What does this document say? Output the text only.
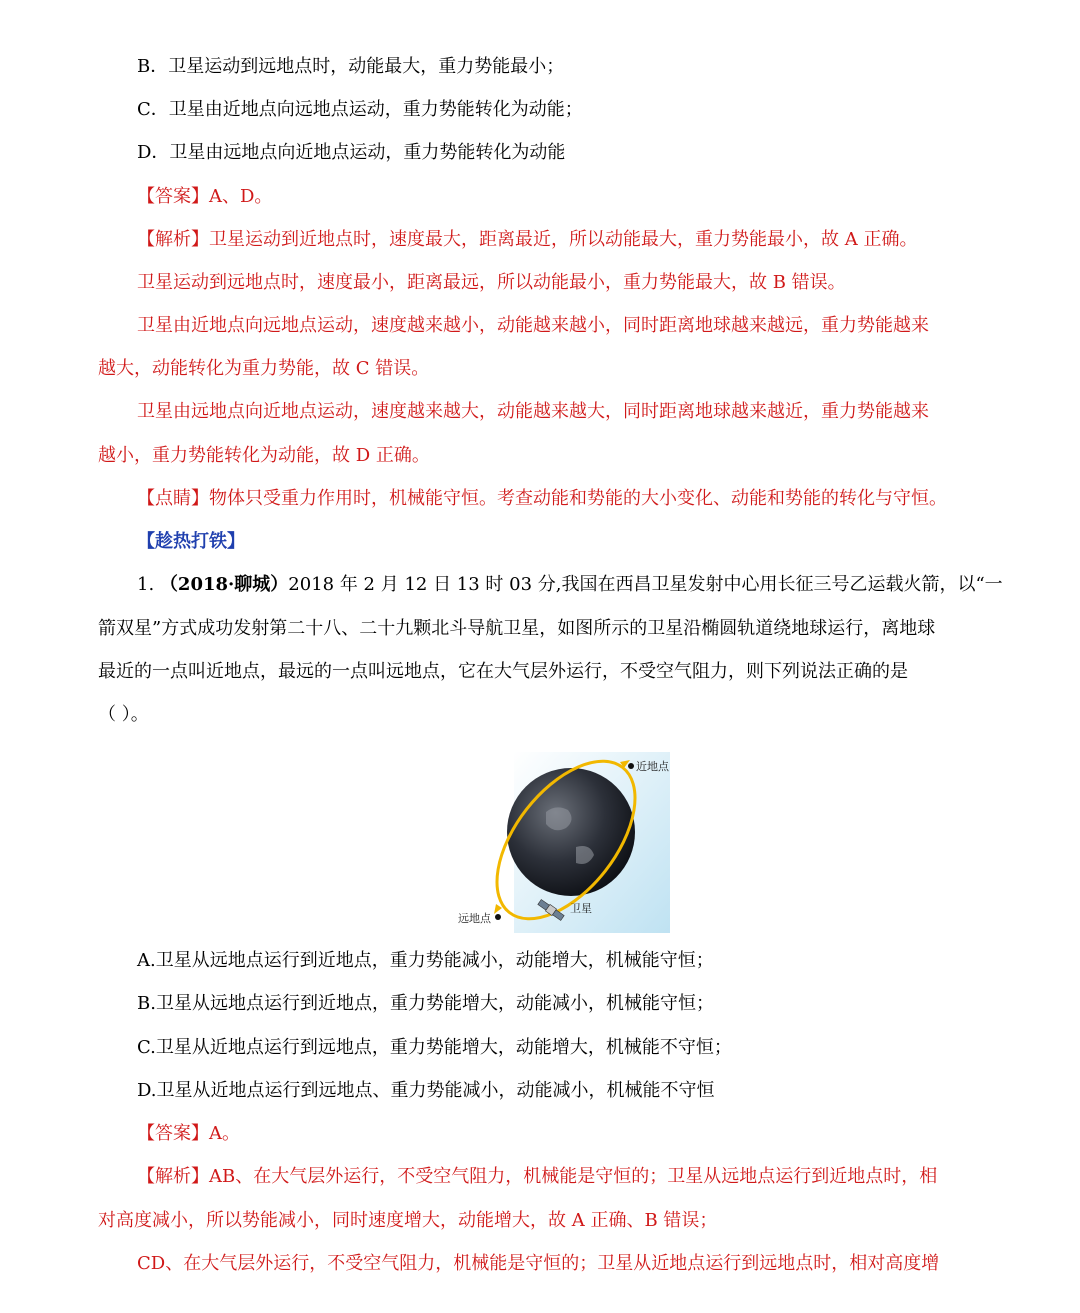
B．卫星运动到远地点时，动能最大，重力势能最小；
C．卫星由近地点向远地点运动，重力势能转化为动能；
D．卫星由远地点向近地点运动，重力势能转化为动能
【答案】A、D。
【解析】卫星运动到近地点时，速度最大，距离最近，所以动能最大，重力势能最小，故 A 正确。
卫星运动到远地点时，速度最小，距离最远，所以动能最小，重力势能最大，故 B 错误。
卫星由近地点向远地点运动，速度越来越小，动能越来越小，同时距离地球越来越远，重力势能越来
越大，动能转化为重力势能，故 C 错误。
卫星由远地点向近地点运动，速度越来越大，动能越来越大，同时距离地球越来越近，重力势能越来
越小，重力势能转化为动能，故 D 正确。
【点睛】物体只受重力作用时，机械能守恒。考查动能和势能的大小变化、动能和势能的转化与守恒。
【趁热打铁】
1. （2018·聊城）2018 年 2 月 12 日 13 时 03 分,我国在西昌卫星发射中心用长征三号乙运载火箭，以“一
箭双星”方式成功发射第二十八、二十九颗北斗导航卫星，如图所示的卫星沿椭圆轨道绕地球运行，离地球
最近的一点叫近地点，最远的一点叫远地点，它在大气层外运行，不受空气阻力，则下列说法正确的是
（ ）。
近地点
远地点
卫星
A.卫星从远地点运行到近地点，重力势能减小，动能增大，机械能守恒；
B.卫星从远地点运行到近地点，重力势能增大，动能减小，机械能守恒；
C.卫星从近地点运行到远地点，重力势能增大，动能增大，机械能不守恒；
D.卫星从近地点运行到远地点、重力势能减小，动能减小，机械能不守恒
【答案】A。
【解析】AB、在大气层外运行，不受空气阻力，机械能是守恒的；卫星从远地点运行到近地点时，相
对高度减小，所以势能减小，同时速度增大，动能增大，故 A 正确、B 错误；
CD、在大气层外运行，不受空气阻力，机械能是守恒的；卫星从近地点运行到远地点时，相对高度增
